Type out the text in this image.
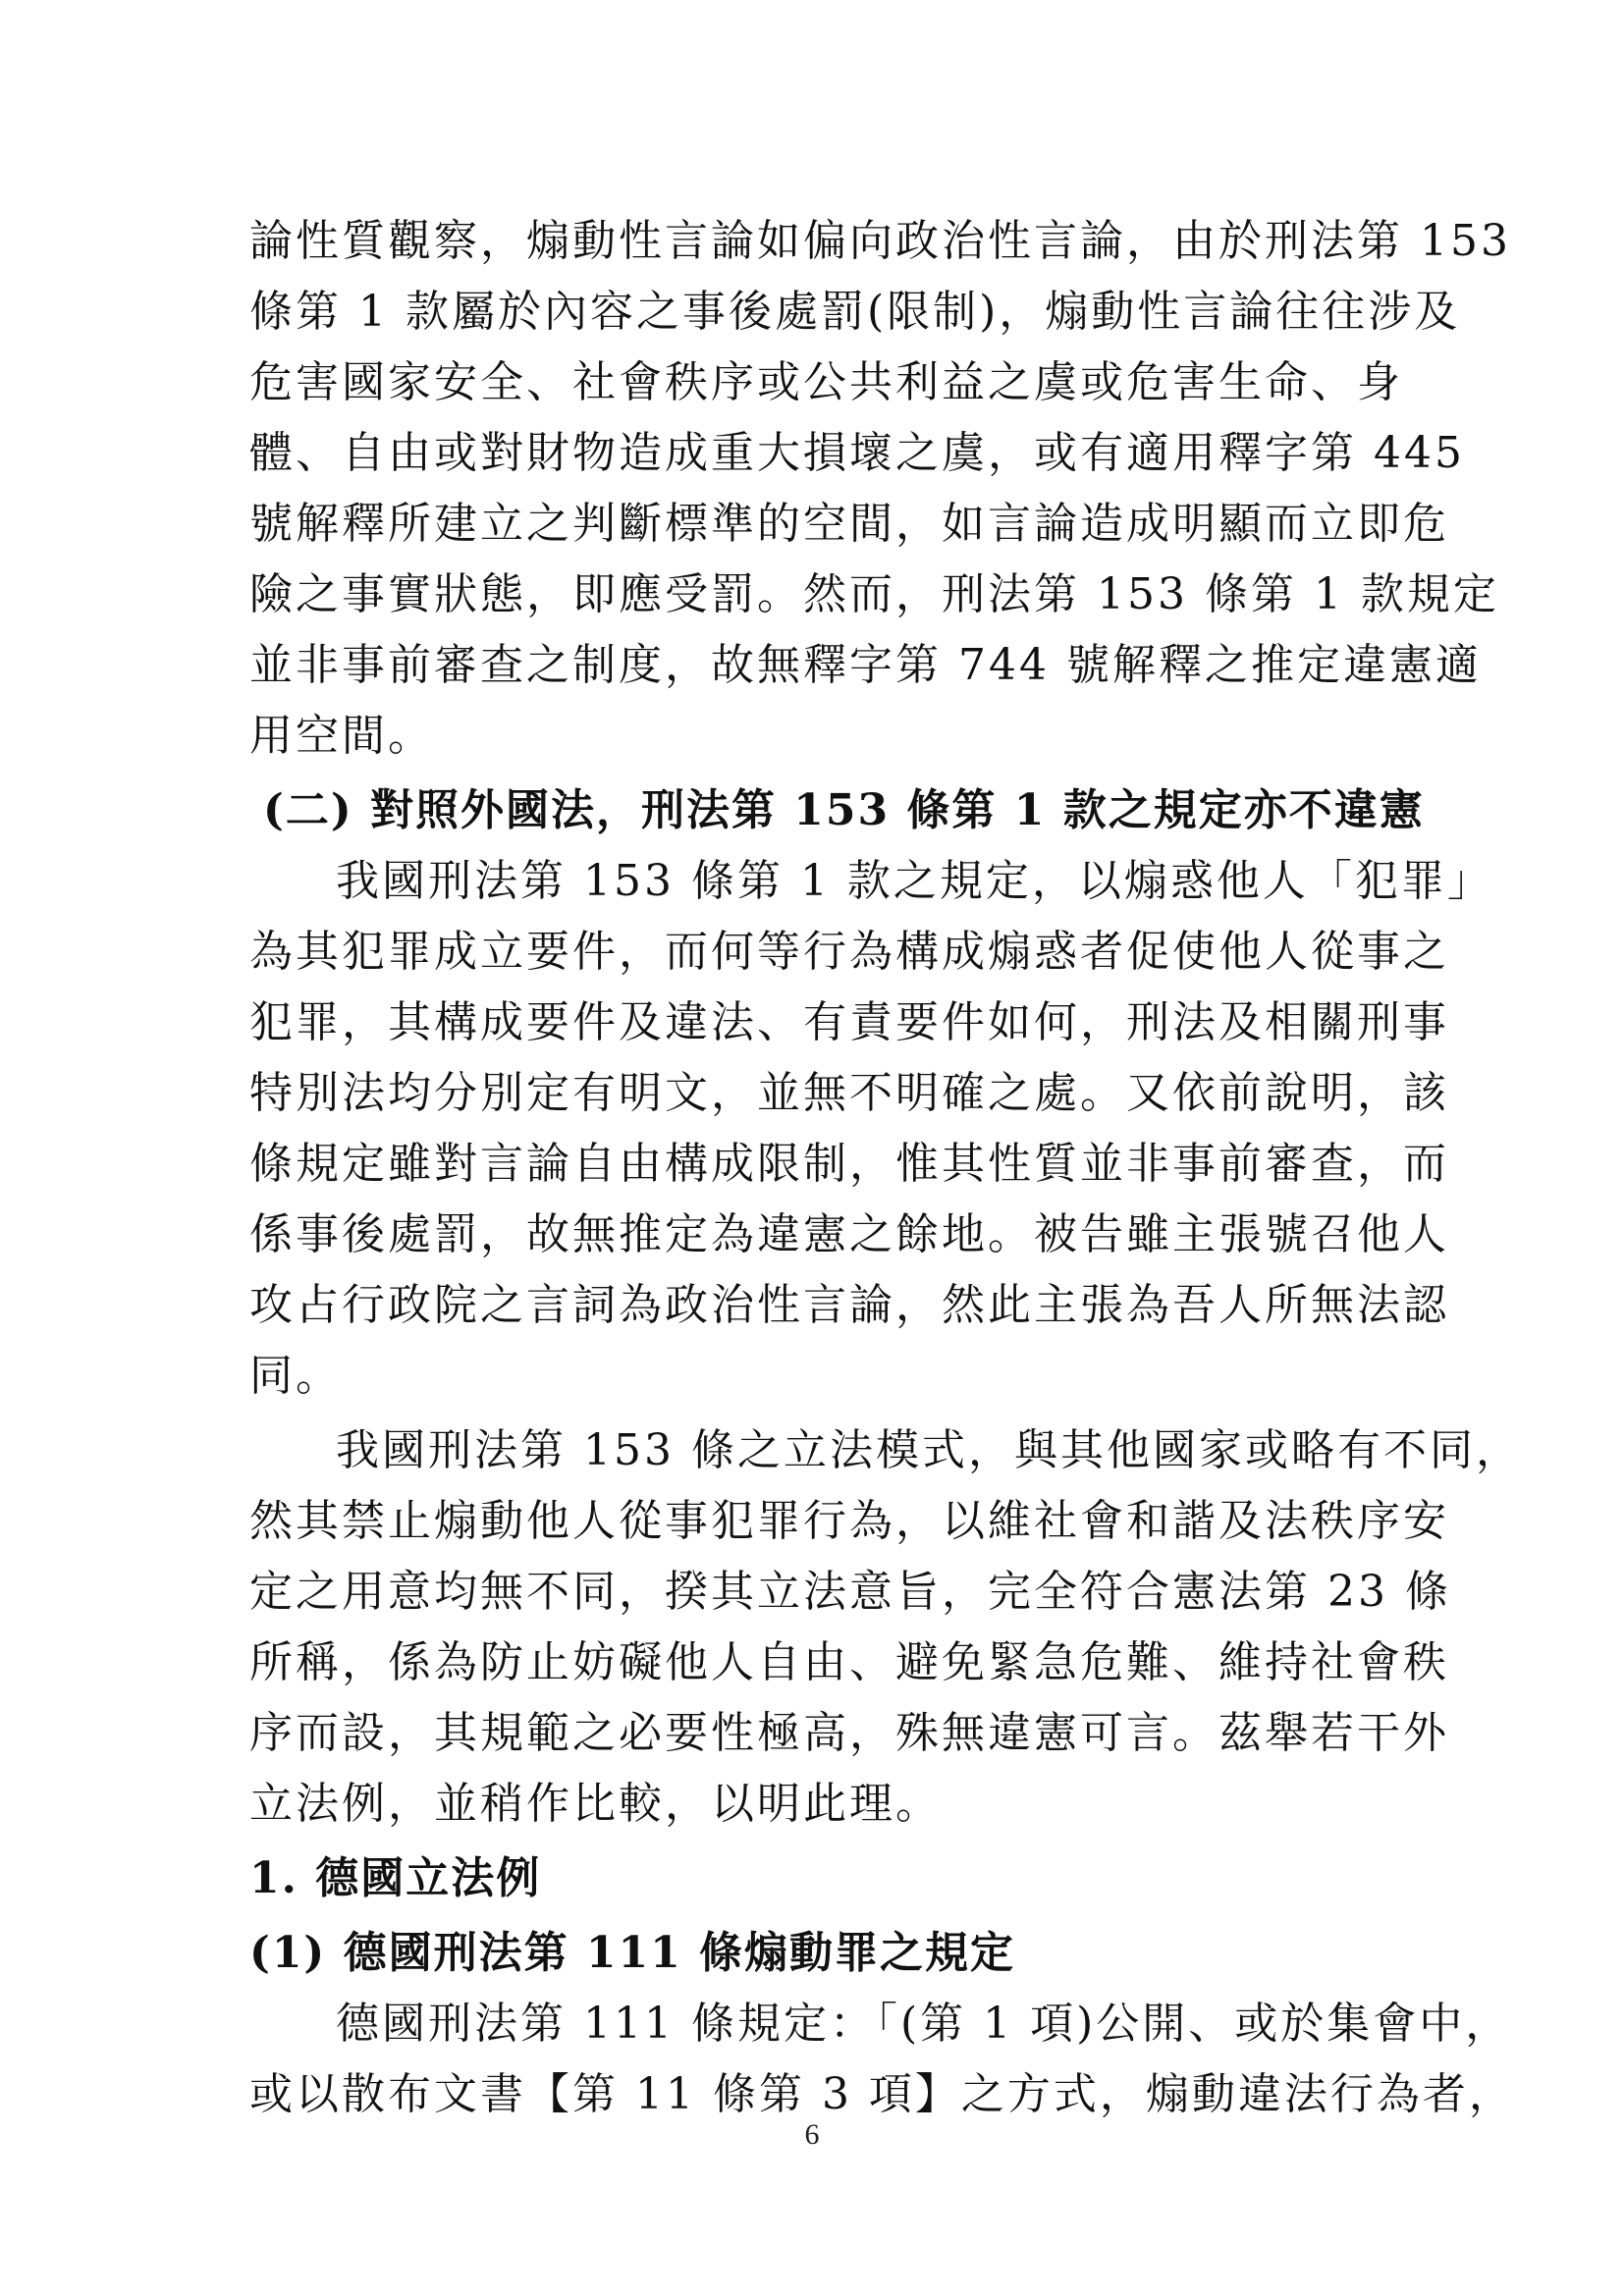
論性質觀察，煽動性言論如偏向政治性言論，由於刑法第 153
條第 1 款屬於內容之事後處罰(限制)，煽動性言論往往涉及
危害國家安全、社會秩序或公共利益之虞或危害生命、身
體、自由或對財物造成重大損壞之虞，或有適用釋字第 445
號解釋所建立之判斷標準的空間，如言論造成明顯而立即危
險之事實狀態，即應受罰。然而，刑法第 153 條第 1 款規定
並非事前審查之制度，故無釋字第 744 號解釋之推定違憲適
用空間。
(二) 對照外國法，刑法第 153 條第 1 款之規定亦不違憲
我國刑法第 153 條第 1 款之規定，以煽惑他人「犯罪」
為其犯罪成立要件，而何等行為構成煽惑者促使他人從事之
犯罪，其構成要件及違法、有責要件如何，刑法及相關刑事
特別法均分別定有明文，並無不明確之處。又依前說明，該
條規定雖對言論自由構成限制，惟其性質並非事前審查，而
係事後處罰，故無推定為違憲之餘地。被告雖主張號召他人
攻占行政院之言詞為政治性言論，然此主張為吾人所無法認
同。
我國刑法第 153 條之立法模式，與其他國家或略有不同，
然其禁止煽動他人從事犯罪行為，以維社會和諧及法秩序安
定之用意均無不同，揆其立法意旨，完全符合憲法第 23 條
所稱，係為防止妨礙他人自由、避免緊急危難、維持社會秩
序而設，其規範之必要性極高，殊無違憲可言。茲舉若干外
立法例，並稍作比較，以明此理。
1. 德國立法例
(1) 德國刑法第 111 條煽動罪之規定
德國刑法第 111 條規定：「(第 1 項)公開、或於集會中，
或以散布文書【第 11 條第 3 項】之方式，煽動違法行為者，
6
